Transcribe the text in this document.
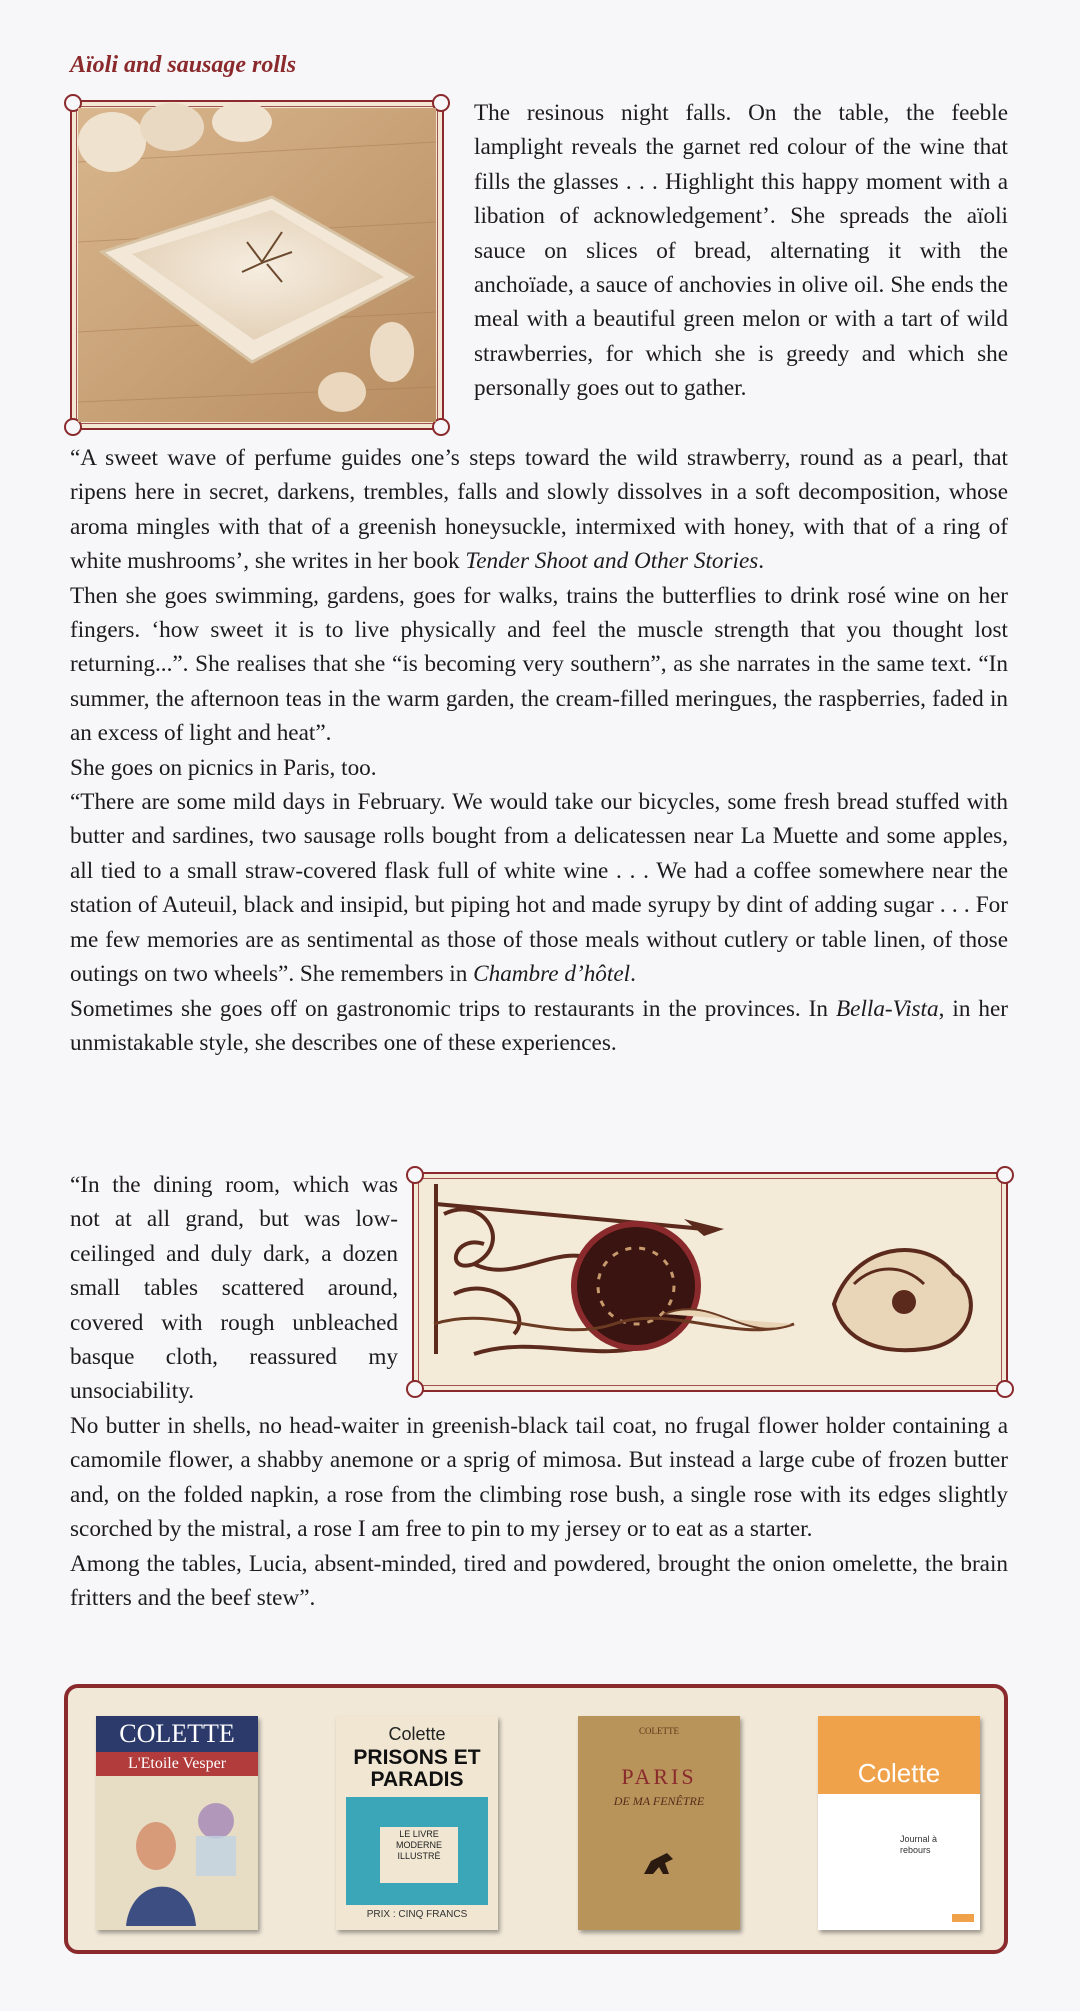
Aïoli and sausage rolls

The resinous night falls. On the table, the feeble lamplight reveals the garnet red colour of the wine that fills the glasses . . . Highlight this happy moment with a libation of acknowledgement’. She spreads the aïoli sauce on slices of bread, alternating it with the anchoïade, a sauce of anchovies in olive oil. She ends the meal with a beautiful green melon or with a tart of wild strawberries, for which she is greedy and which she personally goes out to gather.

“A sweet wave of perfume guides one’s steps toward the wild strawberry, round as a pearl, that ripens here in secret, darkens, trembles, falls and slowly dissolves in a soft decomposition, whose aroma mingles with that of a greenish honeysuckle, intermixed with honey, with that of a ring of white mushrooms’, she writes in her book Tender Shoot and Other Stories.

Then she goes swimming, gardens, goes for walks, trains the butterflies to drink rosé wine on her fingers. ‘how sweet it is to live physically and feel the muscle strength that you thought lost returning...”. She realises that she “is becoming very southern”, as she narrates in the same text. “In summer, the afternoon teas in the warm garden, the cream-filled meringues, the raspberries, faded in an excess of light and heat”.

She goes on picnics in Paris, too.

“There are some mild days in February. We would take our bicycles, some fresh bread stuffed with butter and sardines, two sausage rolls bought from a delicatessen near La Muette and some apples, all tied to a small straw-covered flask full of white wine . . . We had a coffee somewhere near the station of Auteuil, black and insipid, but piping hot and made syrupy by dint of adding sugar . . . For me few memories are as sentimental as those of those meals without cutlery or table linen, of those outings on two wheels”. She remembers in Chambre d’hôtel.

Sometimes she goes off on gastronomic trips to restaurants in the provinces. In Bella-Vista, in her unmistakable style, she describes one of these experiences.

“In the dining room, which was not at all grand, but was low-ceilinged and duly dark, a dozen small tables scattered around, covered with rough unbleached basque cloth, reassured my unsociability.

No butter in shells, no head-waiter in greenish-black tail coat, no frugal flower holder containing a camomile flower, a shabby anemone or a sprig of mimosa. But instead a large cube of frozen butter and, on the folded napkin, a rose from the climbing rose bush, a single rose with its edges slightly scorched by the mistral, a rose I am free to pin to my jersey or to eat as a starter.

Among the tables, Lucia, absent-minded, tired and powdered, brought the onion omelette, the brain fritters and the beef stew”.

COLETTE
L'Etoile Vesper
Colette
PRISONS ET PARADIS
LE LIVRE MODERNE ILLUSTRÉ
PRIX : CINQ FRANCS
COLETTE
PARIS
DE MA FENÊTRE
Colette
Journal à rebours
